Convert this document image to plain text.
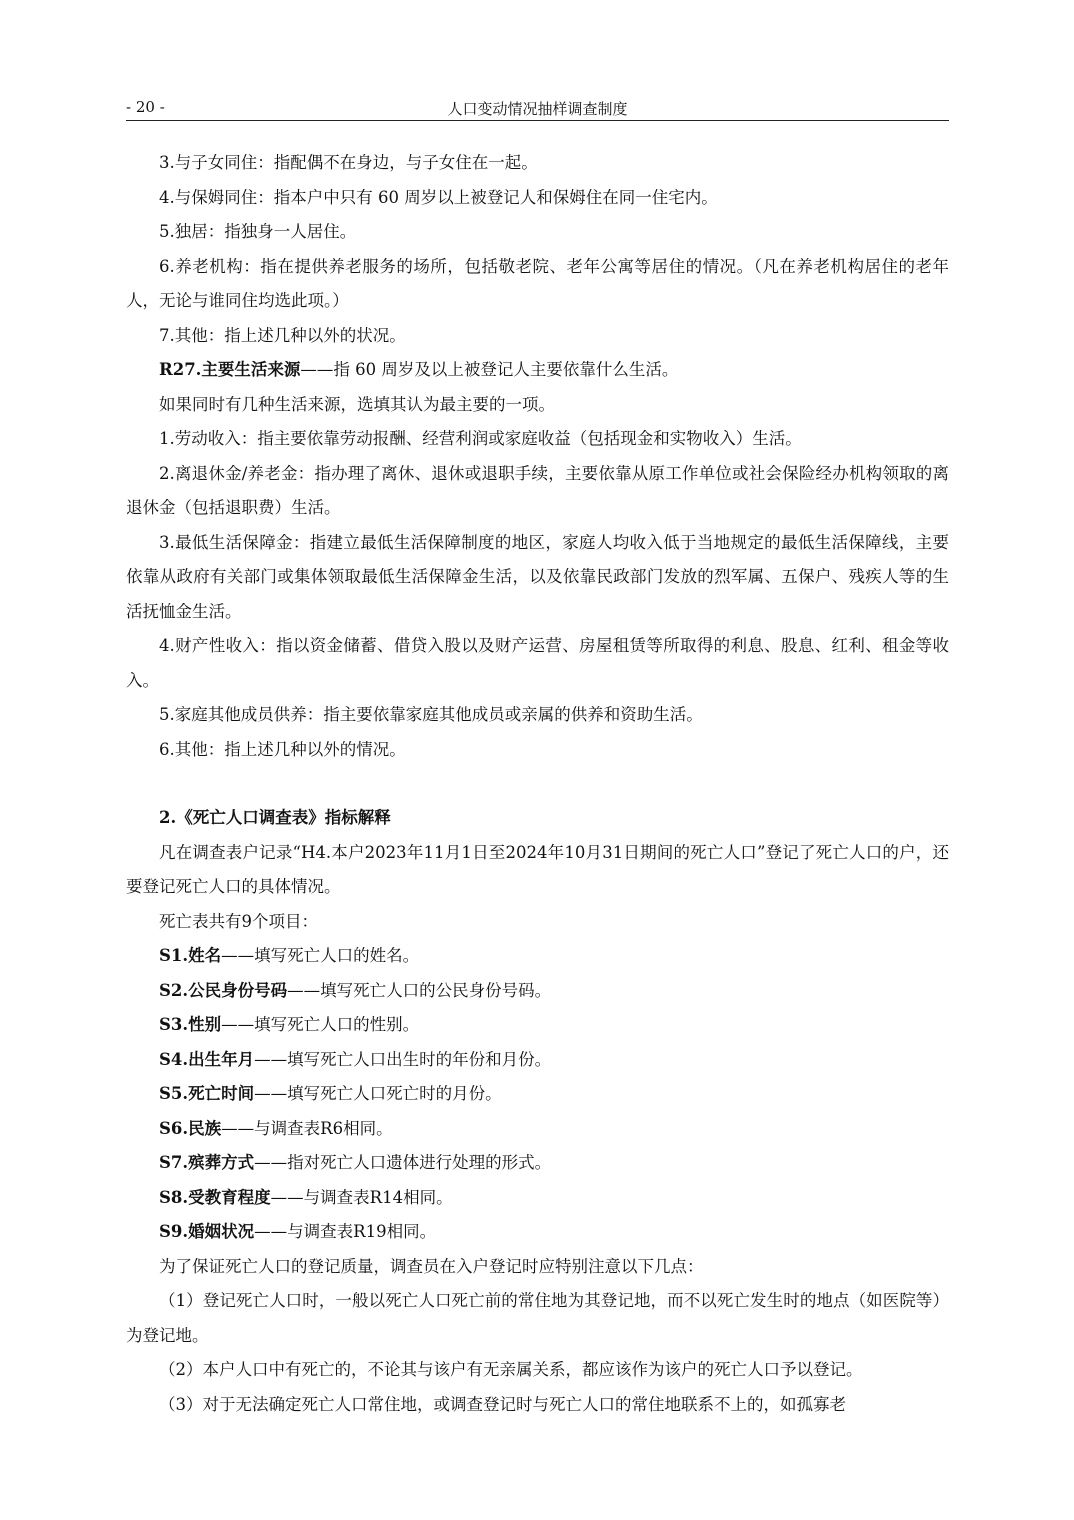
- 20 -	人口变动情况抽样调查制度

3.与子女同住：指配偶不在身边，与子女住在一起。

4.与保姆同住：指本户中只有 60 周岁以上被登记人和保姆住在同一住宅内。

5.独居：指独身一人居住。

6.养老机构：指在提供养老服务的场所，包括敬老院、老年公寓等居住的情况。（凡在养老机构居住的老年人，无论与谁同住均选此项。）

7.其他：指上述几种以外的状况。

R27.主要生活来源——指 60 周岁及以上被登记人主要依靠什么生活。

如果同时有几种生活来源，选填其认为最主要的一项。

1.劳动收入：指主要依靠劳动报酬、经营利润或家庭收益（包括现金和实物收入）生活。

2.离退休金/养老金：指办理了离休、退休或退职手续，主要依靠从原工作单位或社会保险经办机构领取的离退休金（包括退职费）生活。

3.最低生活保障金：指建立最低生活保障制度的地区，家庭人均收入低于当地规定的最低生活保障线，主要依靠从政府有关部门或集体领取最低生活保障金生活，以及依靠民政部门发放的烈军属、五保户、残疾人等的生活抚恤金生活。

4.财产性收入：指以资金储蓄、借贷入股以及财产运营、房屋租赁等所取得的利息、股息、红利、租金等收入。

5.家庭其他成员供养：指主要依靠家庭其他成员或亲属的供养和资助生活。

6.其他：指上述几种以外的情况。

2.《死亡人口调查表》指标解释

凡在调查表户记录“H4.本户2023年11月1日至2024年10月31日期间的死亡人口”登记了死亡人口的户，还要登记死亡人口的具体情况。

死亡表共有9个项目：

S1.姓名——填写死亡人口的姓名。

S2.公民身份号码——填写死亡人口的公民身份号码。

S3.性别——填写死亡人口的性别。

S4.出生年月——填写死亡人口出生时的年份和月份。

S5.死亡时间——填写死亡人口死亡时的月份。

S6.民族——与调查表R6相同。

S7.殡葬方式——指对死亡人口遗体进行处理的形式。

S8.受教育程度——与调查表R14相同。

S9.婚姻状况——与调查表R19相同。

为了保证死亡人口的登记质量，调查员在入户登记时应特别注意以下几点：

（1）登记死亡人口时，一般以死亡人口死亡前的常住地为其登记地，而不以死亡发生时的地点（如医院等）为登记地。

（2）本户人口中有死亡的，不论其与该户有无亲属关系，都应该作为该户的死亡人口予以登记。

（3）对于无法确定死亡人口常住地，或调查登记时与死亡人口的常住地联系不上的，如孤寡老
